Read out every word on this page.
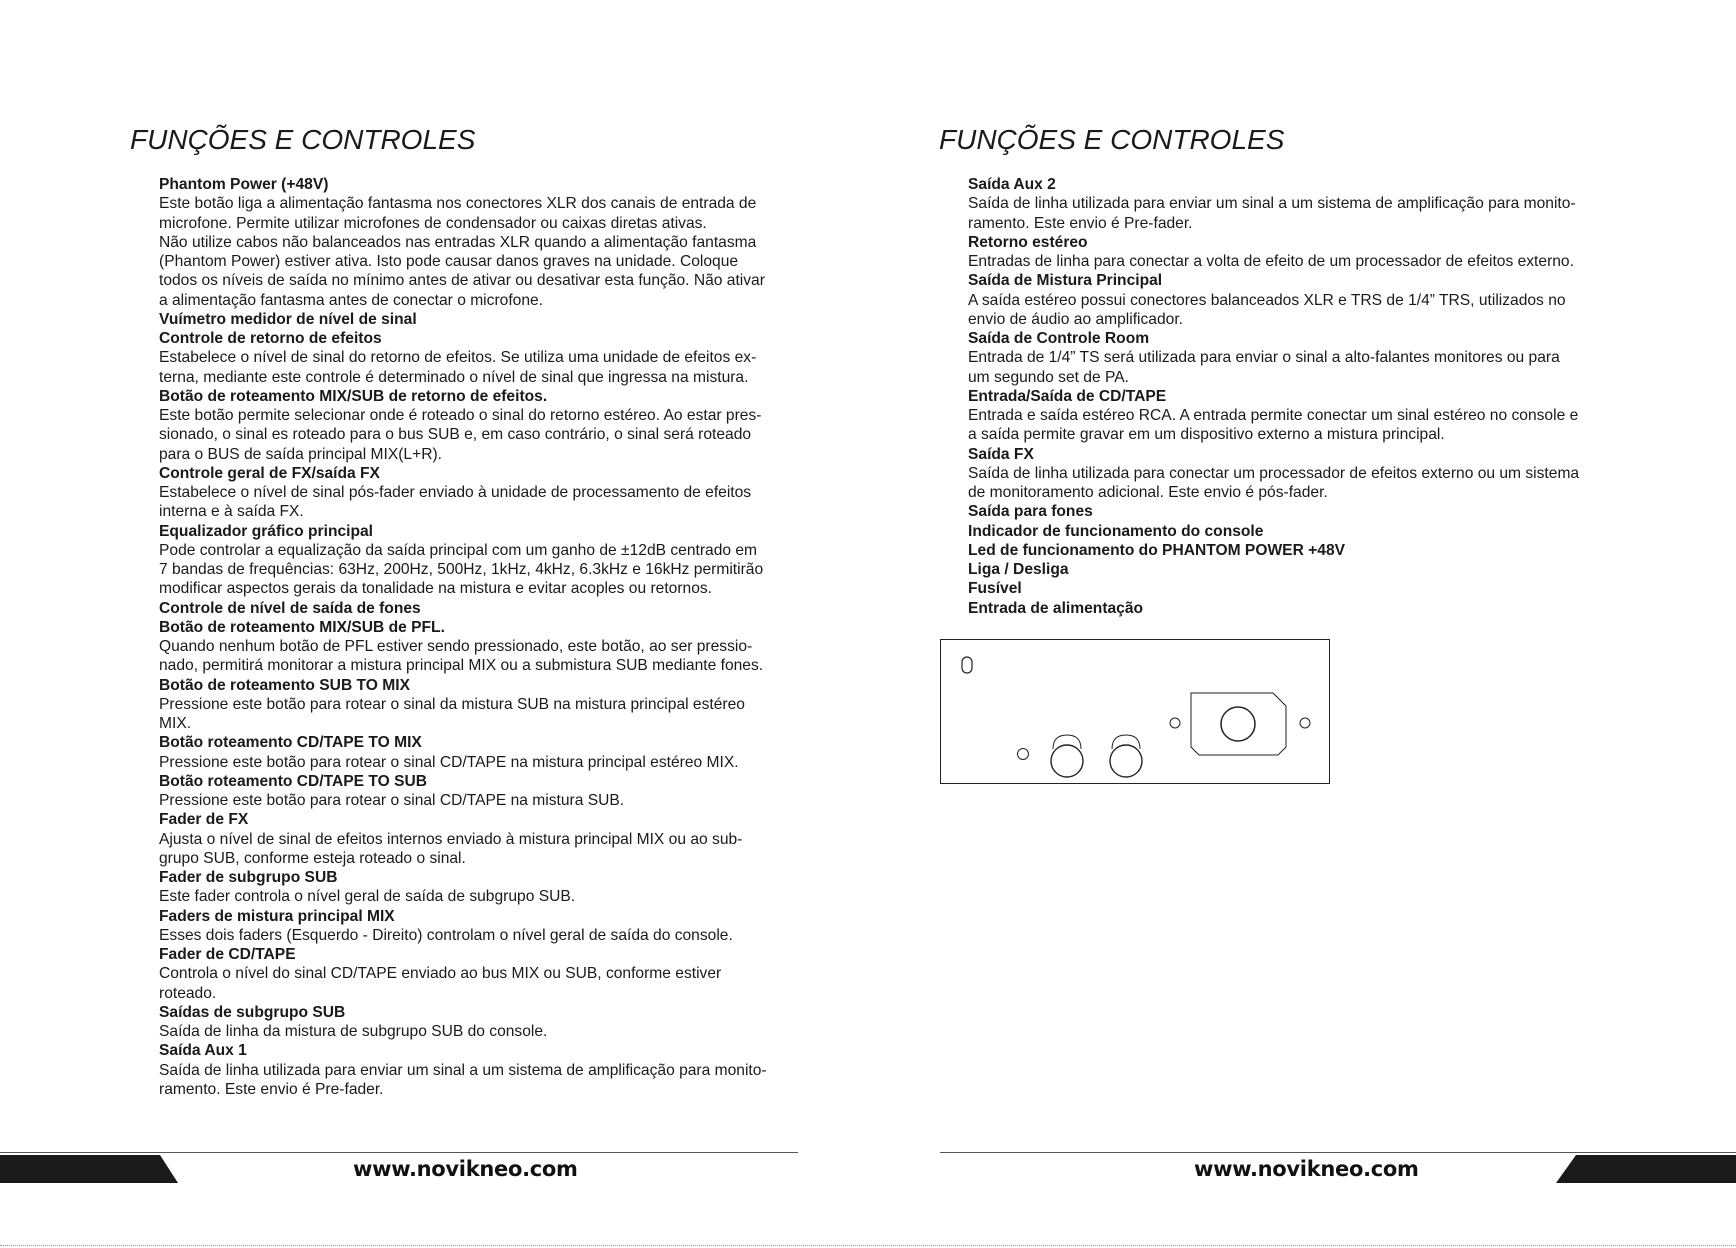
FUNÇÕES E CONTROLES

Phantom Power (+48V)

Este botão liga a alimentação fantasma nos conectores XLR dos canais de entrada de
microfone. Permite utilizar microfones de condensador ou caixas diretas ativas.
Não utilize cabos não balanceados nas entradas XLR quando a alimentação fantasma
(Phantom Power) estiver ativa. Isto pode causar danos graves na unidade. Coloque
todos os níveis de saída no mínimo antes de ativar ou desativar esta função. Não ativar
a alimentação fantasma antes de conectar o microfone.

Vuímetro medidor de nível de sinal

Controle de retorno de efeitos

Estabelece o nível de sinal do retorno de efeitos. Se utiliza uma unidade de efeitos ex-
terna, mediante este controle é determinado o nível de sinal que ingressa na mistura.

Botão de roteamento MIX/SUB de retorno de efeitos.

Este botão permite selecionar onde é roteado o sinal do retorno estéreo. Ao estar pres-
sionado, o sinal es roteado para o bus SUB e, em caso contrário, o sinal será roteado
para o BUS de saída principal MIX(L+R).

Controle geral de FX/saída FX

Estabelece o nível de sinal pós-fader enviado à unidade de processamento de efeitos
interna e à saída FX.

Equalizador gráfico principal

Pode controlar a equalização da saída principal com um ganho de ±12dB centrado em
7 bandas de frequências: 63Hz, 200Hz, 500Hz, 1kHz, 4kHz, 6.3kHz e 16kHz permitirão
modificar aspectos gerais da tonalidade na mistura e evitar acoples ou retornos.

Controle de nível de saída de fones

Botão de roteamento MIX/SUB de PFL.

Quando nenhum botão de PFL estiver sendo pressionado, este botão, ao ser pressio-
nado, permitirá monitorar a mistura principal MIX ou a submistura SUB mediante fones.

Botão de roteamento SUB TO MIX

Pressione este botão para rotear o sinal da mistura SUB na mistura principal estéreo
MIX.

Botão roteamento CD/TAPE TO MIX

Pressione este botão para rotear o sinal CD/TAPE na mistura principal estéreo MIX.

Botão roteamento CD/TAPE TO SUB

Pressione este botão para rotear o sinal CD/TAPE na mistura SUB.

Fader de FX

Ajusta o nível de sinal de efeitos internos enviado à mistura principal MIX ou ao sub-
grupo SUB, conforme esteja roteado o sinal.

Fader de subgrupo SUB

Este fader controla o nível geral de saída de subgrupo SUB.

Faders de mistura principal MIX

Esses dois faders (Esquerdo - Direito) controlam o nível geral de saída do console.

Fader de CD/TAPE

Controla o nível do sinal CD/TAPE enviado ao bus MIX ou SUB, conforme estiver
roteado.

Saídas de subgrupo SUB

Saída de linha da mistura de subgrupo SUB do console.

Saída Aux 1

Saída de linha utilizada para enviar um sinal a um sistema de amplificação para monito-
ramento. Este envio é Pre-fader.

www.novikneo.com
FUNÇÕES E CONTROLES

Saída Aux 2

Saída de linha utilizada para enviar um sinal a um sistema de amplificação para monito-
ramento. Este envio é Pre-fader.

Retorno estéreo

Entradas de linha para conectar a volta de efeito de um processador de efeitos externo.

Saída de Mistura Principal

A saída estéreo possui conectores balanceados XLR e TRS de 1/4” TRS, utilizados no
envio de áudio ao amplificador.

Saída de Controle Room

Entrada de 1/4” TS será utilizada para enviar o sinal a alto-falantes monitores ou para
um segundo set de PA.

Entrada/Saída de CD/TAPE

Entrada e saída estéreo RCA. A entrada permite conectar um sinal estéreo no console e
a saída permite gravar em um dispositivo externo a mistura principal.

Saída FX

Saída de linha utilizada para conectar um processador de efeitos externo ou um sistema
de monitoramento adicional. Este envio é pós-fader.

Saída para fones

Indicador de funcionamento do console

Led de funcionamento do PHANTOM POWER +48V

Liga / Desliga

Fusível

Entrada de alimentação

www.novikneo.com
